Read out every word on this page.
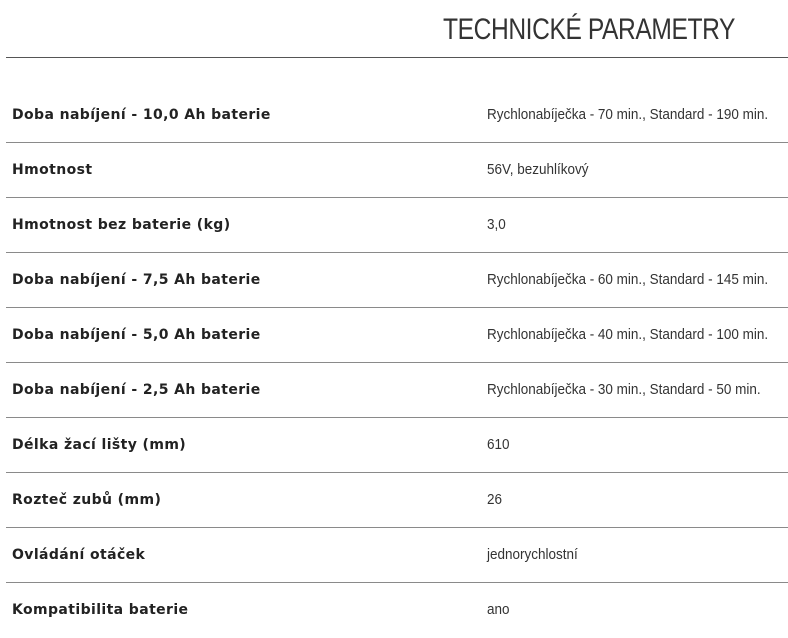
TECHNICKÉ PARAMETRY
Doba nabíjení - 10,0 Ah baterie	Rychlonabíječka - 70 min., Standard - 190 min.
Hmotnost	56V, bezuhlíkový
Hmotnost bez baterie (kg)	3,0
Doba nabíjení - 7,5 Ah baterie	Rychlonabíječka - 60 min., Standard - 145 min.
Doba nabíjení - 5,0 Ah baterie	Rychlonabíječka - 40 min., Standard - 100 min.
Doba nabíjení - 2,5 Ah baterie	Rychlonabíječka - 30 min., Standard - 50 min.
Délka žací lišty (mm)	610
Rozteč zubů (mm)	26
Ovládání otáček	jednorychlostní
Kompatibilita baterie	ano
